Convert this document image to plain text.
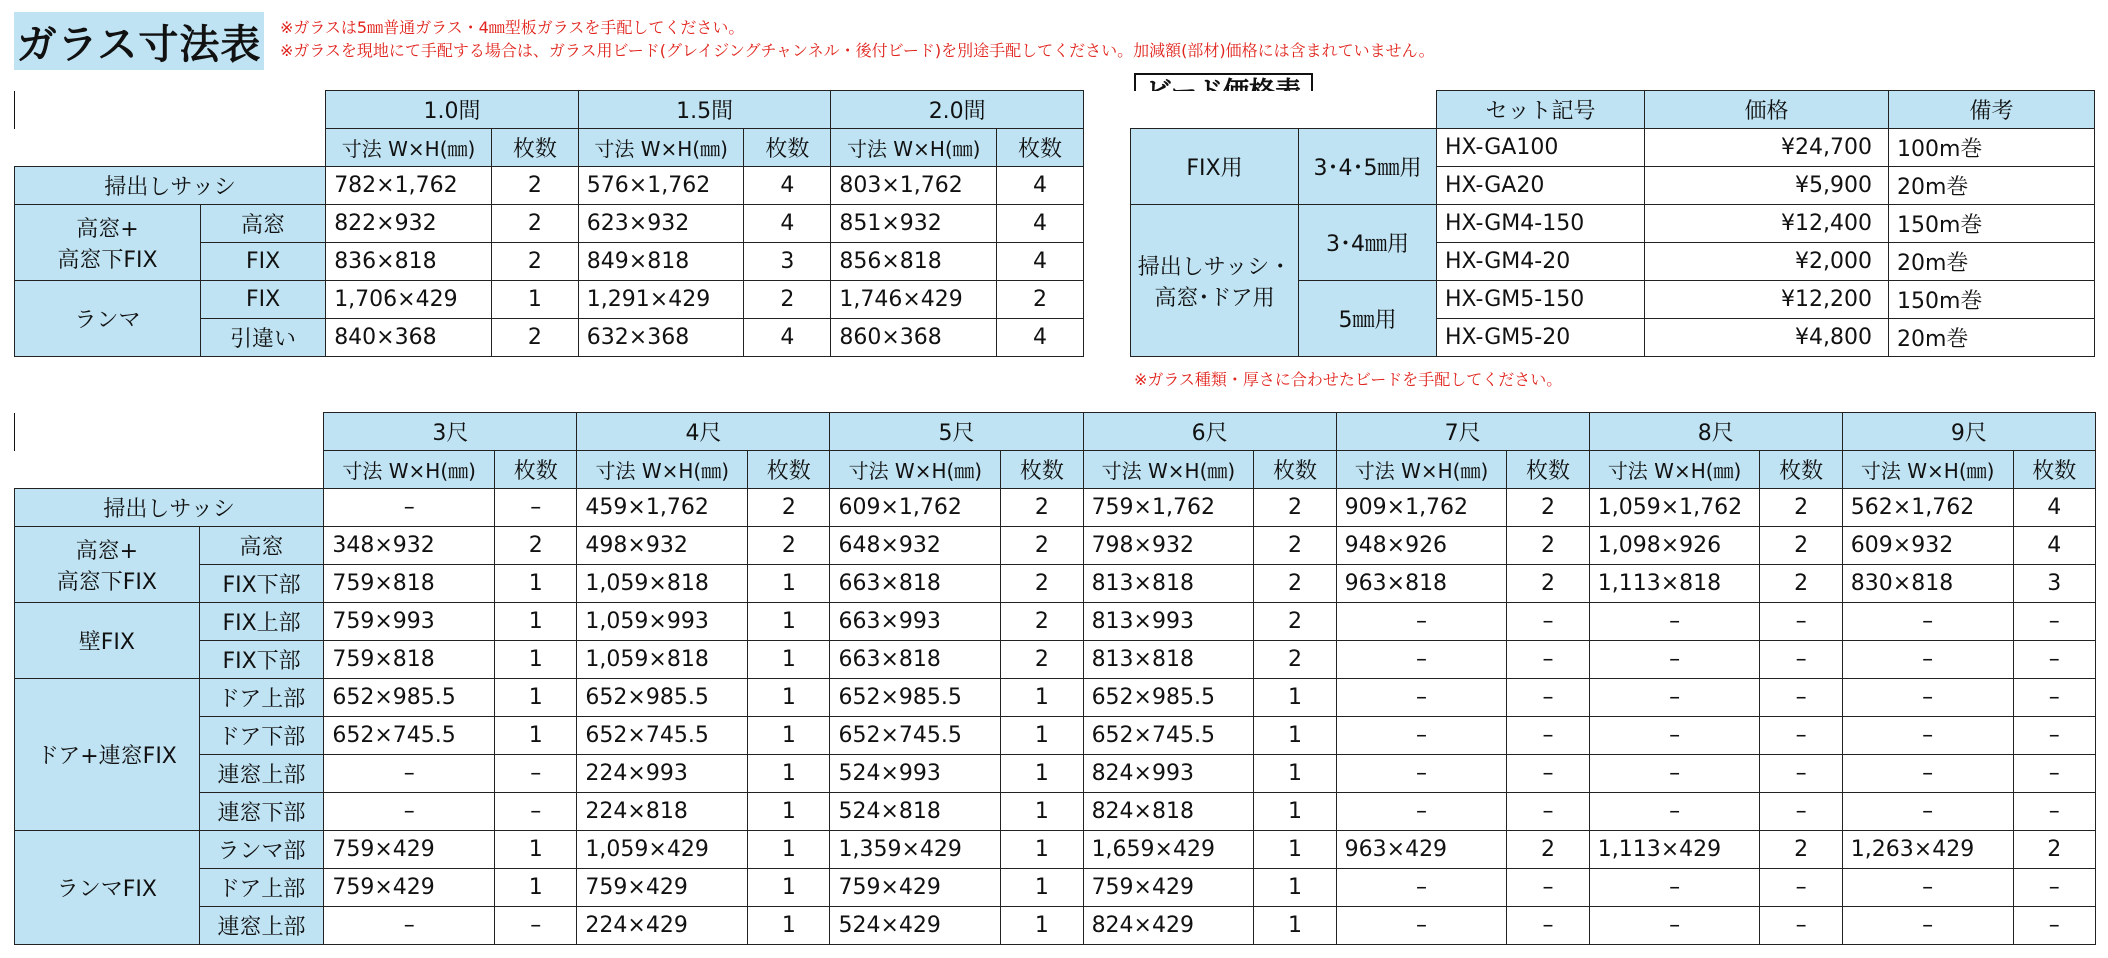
ガラス寸法表 ※ガラスは5㎜普通ガラス・4㎜型板ガラスを手配してください。
※ガラスを現地にて手配する場合は、ガラス用ビード(グレイジングチャンネル・後付ビード)を別途手配してください。加減額(部材)価格には含まれていません。
		1.0間		1.5間		2.0間	
		寸法 W×H(㎜)	枚数	寸法 W×H(㎜)	枚数	寸法 W×H(㎜)	枚数
掃出しサッシ		782×1,762	2	576×1,762	4	803×1,762	4
高窓+
高窓下FIX	高窓	822×932	2	623×932	4	851×932	4
	FIX	836×818	2	849×818	3	856×818	4
ランマ	FIX	1,706×429	1	1,291×429	2	1,746×429	2
	引違い	840×368	2	632×368	4	860×368	4
		セット記号	価格	備考
FIX用	3･4･5㎜用	HX-GA100	¥24,700	100m巻
		HX-GA20	¥5,900	20m巻
掃出しサッシ・
高窓･ドア用	3･4㎜用	HX-GM4-150	¥12,400	150m巻
		HX-GM4-20	¥2,000	20m巻
	5㎜用	HX-GM5-150	¥12,200	150m巻
		HX-GM5-20	¥4,800	20m巻
※ガラス種類・厚さに合わせたビードを手配してください。
		3尺		4尺		5尺		6尺		7尺		8尺		9尺	
		寸法 W×H(㎜)	枚数	寸法 W×H(㎜)	枚数	寸法 W×H(㎜)	枚数	寸法 W×H(㎜)	枚数	寸法 W×H(㎜)	枚数	寸法 W×H(㎜)	枚数	寸法 W×H(㎜)	枚数
掃出しサッシ		–	–	459×1,762	2	609×1,762	2	759×1,762	2	909×1,762	2	1,059×1,762	2	562×1,762	4
高窓+
高窓下FIX	高窓	348×932	2	498×932	2	648×932	2	798×932	2	948×926	2	1,098×926	2	609×932	4
	FIX下部	759×818	1	1,059×818	1	663×818	2	813×818	2	963×818	2	1,113×818	2	830×818	3
壁FIX	FIX上部	759×993	1	1,059×993	1	663×993	2	813×993	2	–	–	–	–	–	–
	FIX下部	759×818	1	1,059×818	1	663×818	2	813×818	2	–	–	–	–	–	–
ドア+連窓FIX	ドア上部	652×985.5	1	652×985.5	1	652×985.5	1	652×985.5	1	–	–	–	–	–	–
	ドア下部	652×745.5	1	652×745.5	1	652×745.5	1	652×745.5	1	–	–	–	–	–	–
	連窓上部	–	–	224×993	1	524×993	1	824×993	1	–	–	–	–	–	–
	連窓下部	–	–	224×818	1	524×818	1	824×818	1	–	–	–	–	–	–
ランマFIX	ランマ部	759×429	1	1,059×429	1	1,359×429	1	1,659×429	1	963×429	2	1,113×429	2	1,263×429	2
	ドア上部	759×429	1	759×429	1	759×429	1	759×429	1	–	–	–	–	–	–
	連窓上部	–	–	224×429	1	524×429	1	824×429	1	–	–	–	–	–	–
